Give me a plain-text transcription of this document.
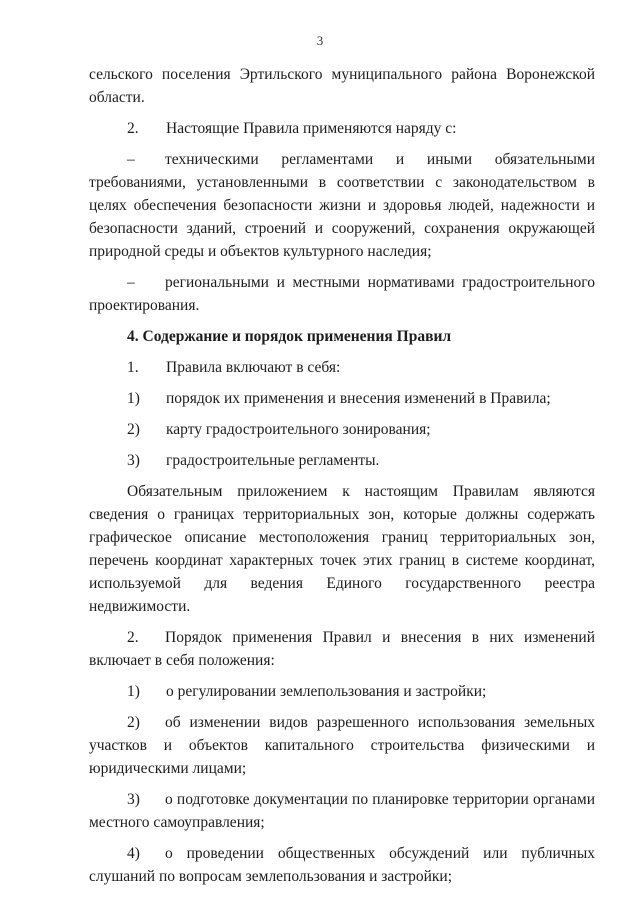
3

сельского поселения Эртильского муниципального района Воронежской области.

2.	Настоящие Правила применяются наряду с:
–	техническими регламентами и иными обязательными
требованиями, установленными в соответствии с законодательством в целях обеспечения безопасности жизни и здоровья людей, надежности и безопасности зданий, строений и сооружений, сохранения окружающей природной среды и объектов культурного наследия;
–	региональными и местными нормативами градостроительного
проектирования.
4. Содержание и порядок применения Правил
1.	Правила включают в себя:
1)	порядок их применения и внесения изменений в Правила;
2)	карту градостроительного зонирования;
3)	градостроительные регламенты.

Обязательным приложением к настоящим Правилам являются сведения о границах территориальных зон, которые должны содержать графическое описание местоположения границ территориальных зон, перечень координат характерных точек этих границ в системе координат, используемой для ведения Единого государственного реестра недвижимости.

2.	Порядок применения Правил и внесения в них изменений
включает в себя положения:
1)	о регулировании землепользования и застройки;
2)	об изменении видов разрешенного использования земельных
участков и объектов капитального строительства физическими и юридическими лицами;
3)	о подготовке документации по планировке территории органами
местного самоуправления;
4)	о проведении общественных обсуждений или публичных
слушаний по вопросам землепользования и застройки;
